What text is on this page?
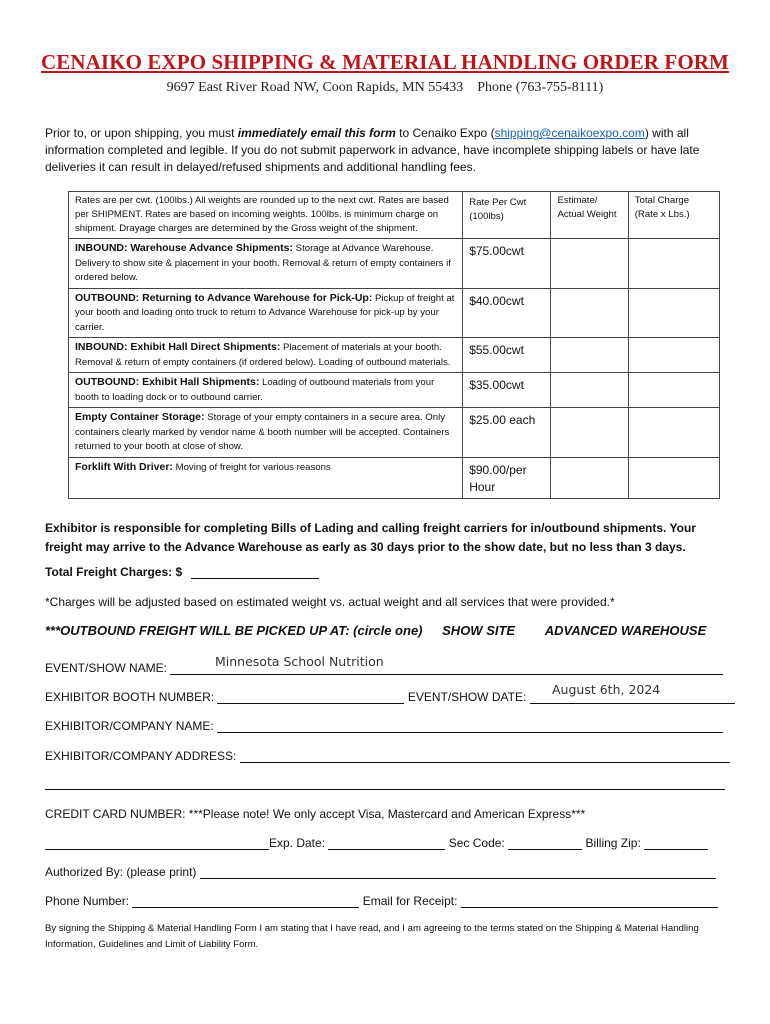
CENAIKO EXPO SHIPPING & MATERIAL HANDLING ORDER FORM
9697 East River Road NW, Coon Rapids, MN 55433    Phone (763-755-8111)
Prior to, or upon shipping, you must immediately email this form to Cenaiko Expo (shipping@cenaikoexpo.com) with all information completed and legible. If you do not submit paperwork in advance, have incomplete shipping labels or have late deliveries it can result in delayed/refused shipments and additional handling fees.
Rates are per cwt. (100lbs.) All weights are rounded up to the next cwt. Rates are based per SHIPMENT. Rates are based on incoming weights. 100lbs. is minimum charge on shipment. Drayage charges are determined by the Gross weight of the shipment.	Rate Per Cwt (100lbs)	Estimate/ Actual Weight	Total Charge (Rate x Lbs.)
INBOUND: Warehouse Advance Shipments: Storage at Advance Warehouse. Delivery to show site & placement in your booth. Removal & return of empty containers if ordered below.	$75.00cwt		
OUTBOUND: Returning to Advance Warehouse for Pick-Up: Pickup of freight at your booth and loading onto truck to return to Advance Warehouse for pick-up by your carrier.	$40.00cwt		
INBOUND: Exhibit Hall Direct Shipments: Placement of materials at your booth. Removal & return of empty containers (if ordered below). Loading of outbound materials.	$55.00cwt		
OUTBOUND: Exhibit Hall Shipments: Loading of outbound materials from your booth to loading dock or to outbound carrier.	$35.00cwt		
Empty Container Storage: Storage of your empty containers in a secure area. Only containers clearly marked by vendor name & booth number will be accepted. Containers returned to your booth at close of show.	$25.00 each		
Forklift With Driver: Moving of freight for various reasons	$90.00/per Hour		
Exhibitor is responsible for completing Bills of Lading and calling freight carriers for in/outbound shipments. Your freight may arrive to the Advance Warehouse as early as 30 days prior to the show date, but no less than 3 days.
Total Freight Charges: $
*Charges will be adjusted based on estimated weight vs. actual weight and all services that were provided.*
***OUTBOUND FREIGHT WILL BE PICKED UP AT: (circle one) SHOW SITE ADVANCED WAREHOUSE
EVENT/SHOW NAME:	Minnesota School Nutrition
EXHIBITOR BOOTH NUMBER:	EVENT/SHOW DATE:	August 6th, 2024
EXHIBITOR/COMPANY NAME:
EXHIBITOR/COMPANY ADDRESS:
CREDIT CARD NUMBER: ***Please note! We only accept Visa, Mastercard and American Express***
Exp. Date:	Sec Code:	Billing Zip:
Authorized By: (please print)
Phone Number:	Email for Receipt:
By signing the Shipping & Material Handling Form I am stating that I have read, and I am agreeing to the terms stated on the Shipping & Material Handling Information, Guidelines and Limit of Liability Form.
